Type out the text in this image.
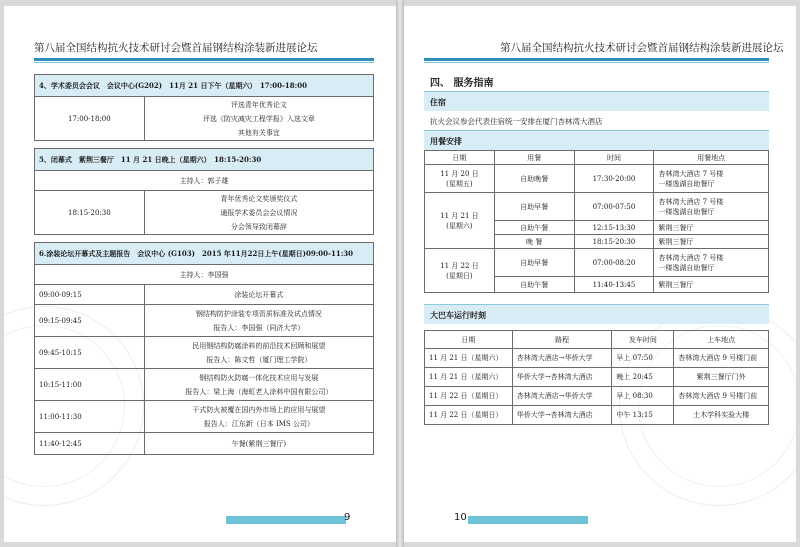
第八届全国结构抗火技术研讨会暨首届钢结构涂装新进展论坛
4、学术委员会会议　会议中心(G202)　11月 21 日下午（星期六）　17:00-18:00	
17:00-18:00	评选青年优秀论文
评选《防灾减灾工程学报》入选文章
其他有关事宜

5、闭幕式　紫荆三餐厅　11 月 21 日晚上（星期六）　18:15-20:30	
主持人：郭子雄	
18:15-20:30	青年优秀论文奖颁奖仪式
通报学术委员会会议情况
分会领导致闭幕辞

6.涂装论坛开幕式及主题报告　会议中心 (G103)　2015 年11月22日上午(星期日)09:00-11:30	
主持人：李国强	
09:00-09:15	涂装论坛开幕式

09:15-09:45	钢结构防护涂装专项资质标准及试点情况
报告人：李国强（同济大学）

09:45-10:15	民用钢结构防腐涂料的前沿技术回顾和展望
报告人：陈文哲（厦门理工学院）

10:15-11:00	钢结构防火防腐一体化技术应用与发展
报告人：梁上海（海虹老人涂料中国有限公司）

11:00-11:30	干式防火被覆在国内外市场上的应用与展望
报告人：江东新（日本 IMS 公司）

11:40-12:45	午餐(紫荆三餐厅)
9
第八届全国结构抗火技术研讨会暨首届钢结构涂装新进展论坛
四、 服务指南
住宿
抗火会议参会代表住宿统一安排在厦门杏林湾大酒店
用餐安排
日期	用餐	时间	用餐地点
11 月 20 日
(星期五)	自助晚餐	17:30-20:00	杏林湾大酒店 7 号楼
一楼逸湖自助餐厅
11 月 21 日
(星期六)	自助早餐	07:00-07:50	杏林湾大酒店 7 号楼
一楼逸湖自助餐厅
	自助午餐	12:15-13:30	紫荆三餐厅
	晚 餐	18:15-20:30	紫荆三餐厅
11 月 22 日
(星期日)	自助早餐	07:00-08:20	杏林湾大酒店 7 号楼
一楼逸湖自助餐厅
	自助午餐	11:40-13:45	紫荆三餐厅
大巴车运行时刻
日期	路程	发车时间	上车地点
11 月 21 日（星期六）	杏林湾大酒店→华侨大学	早上 07:50	杏林湾大酒店 9 号楼门前
11 月 21 日（星期六）	华侨大学→杏林湾大酒店	晚上 20:45	紫荆三餐厅门外
11 月 22 日（星期日）	杏林湾大酒店→华侨大学	早上 08:30	杏林湾大酒店 9 号楼门前
11 月 22 日（星期日）	华侨大学→杏林湾大酒店	中午 13:15	土木学科实验大楼
10
